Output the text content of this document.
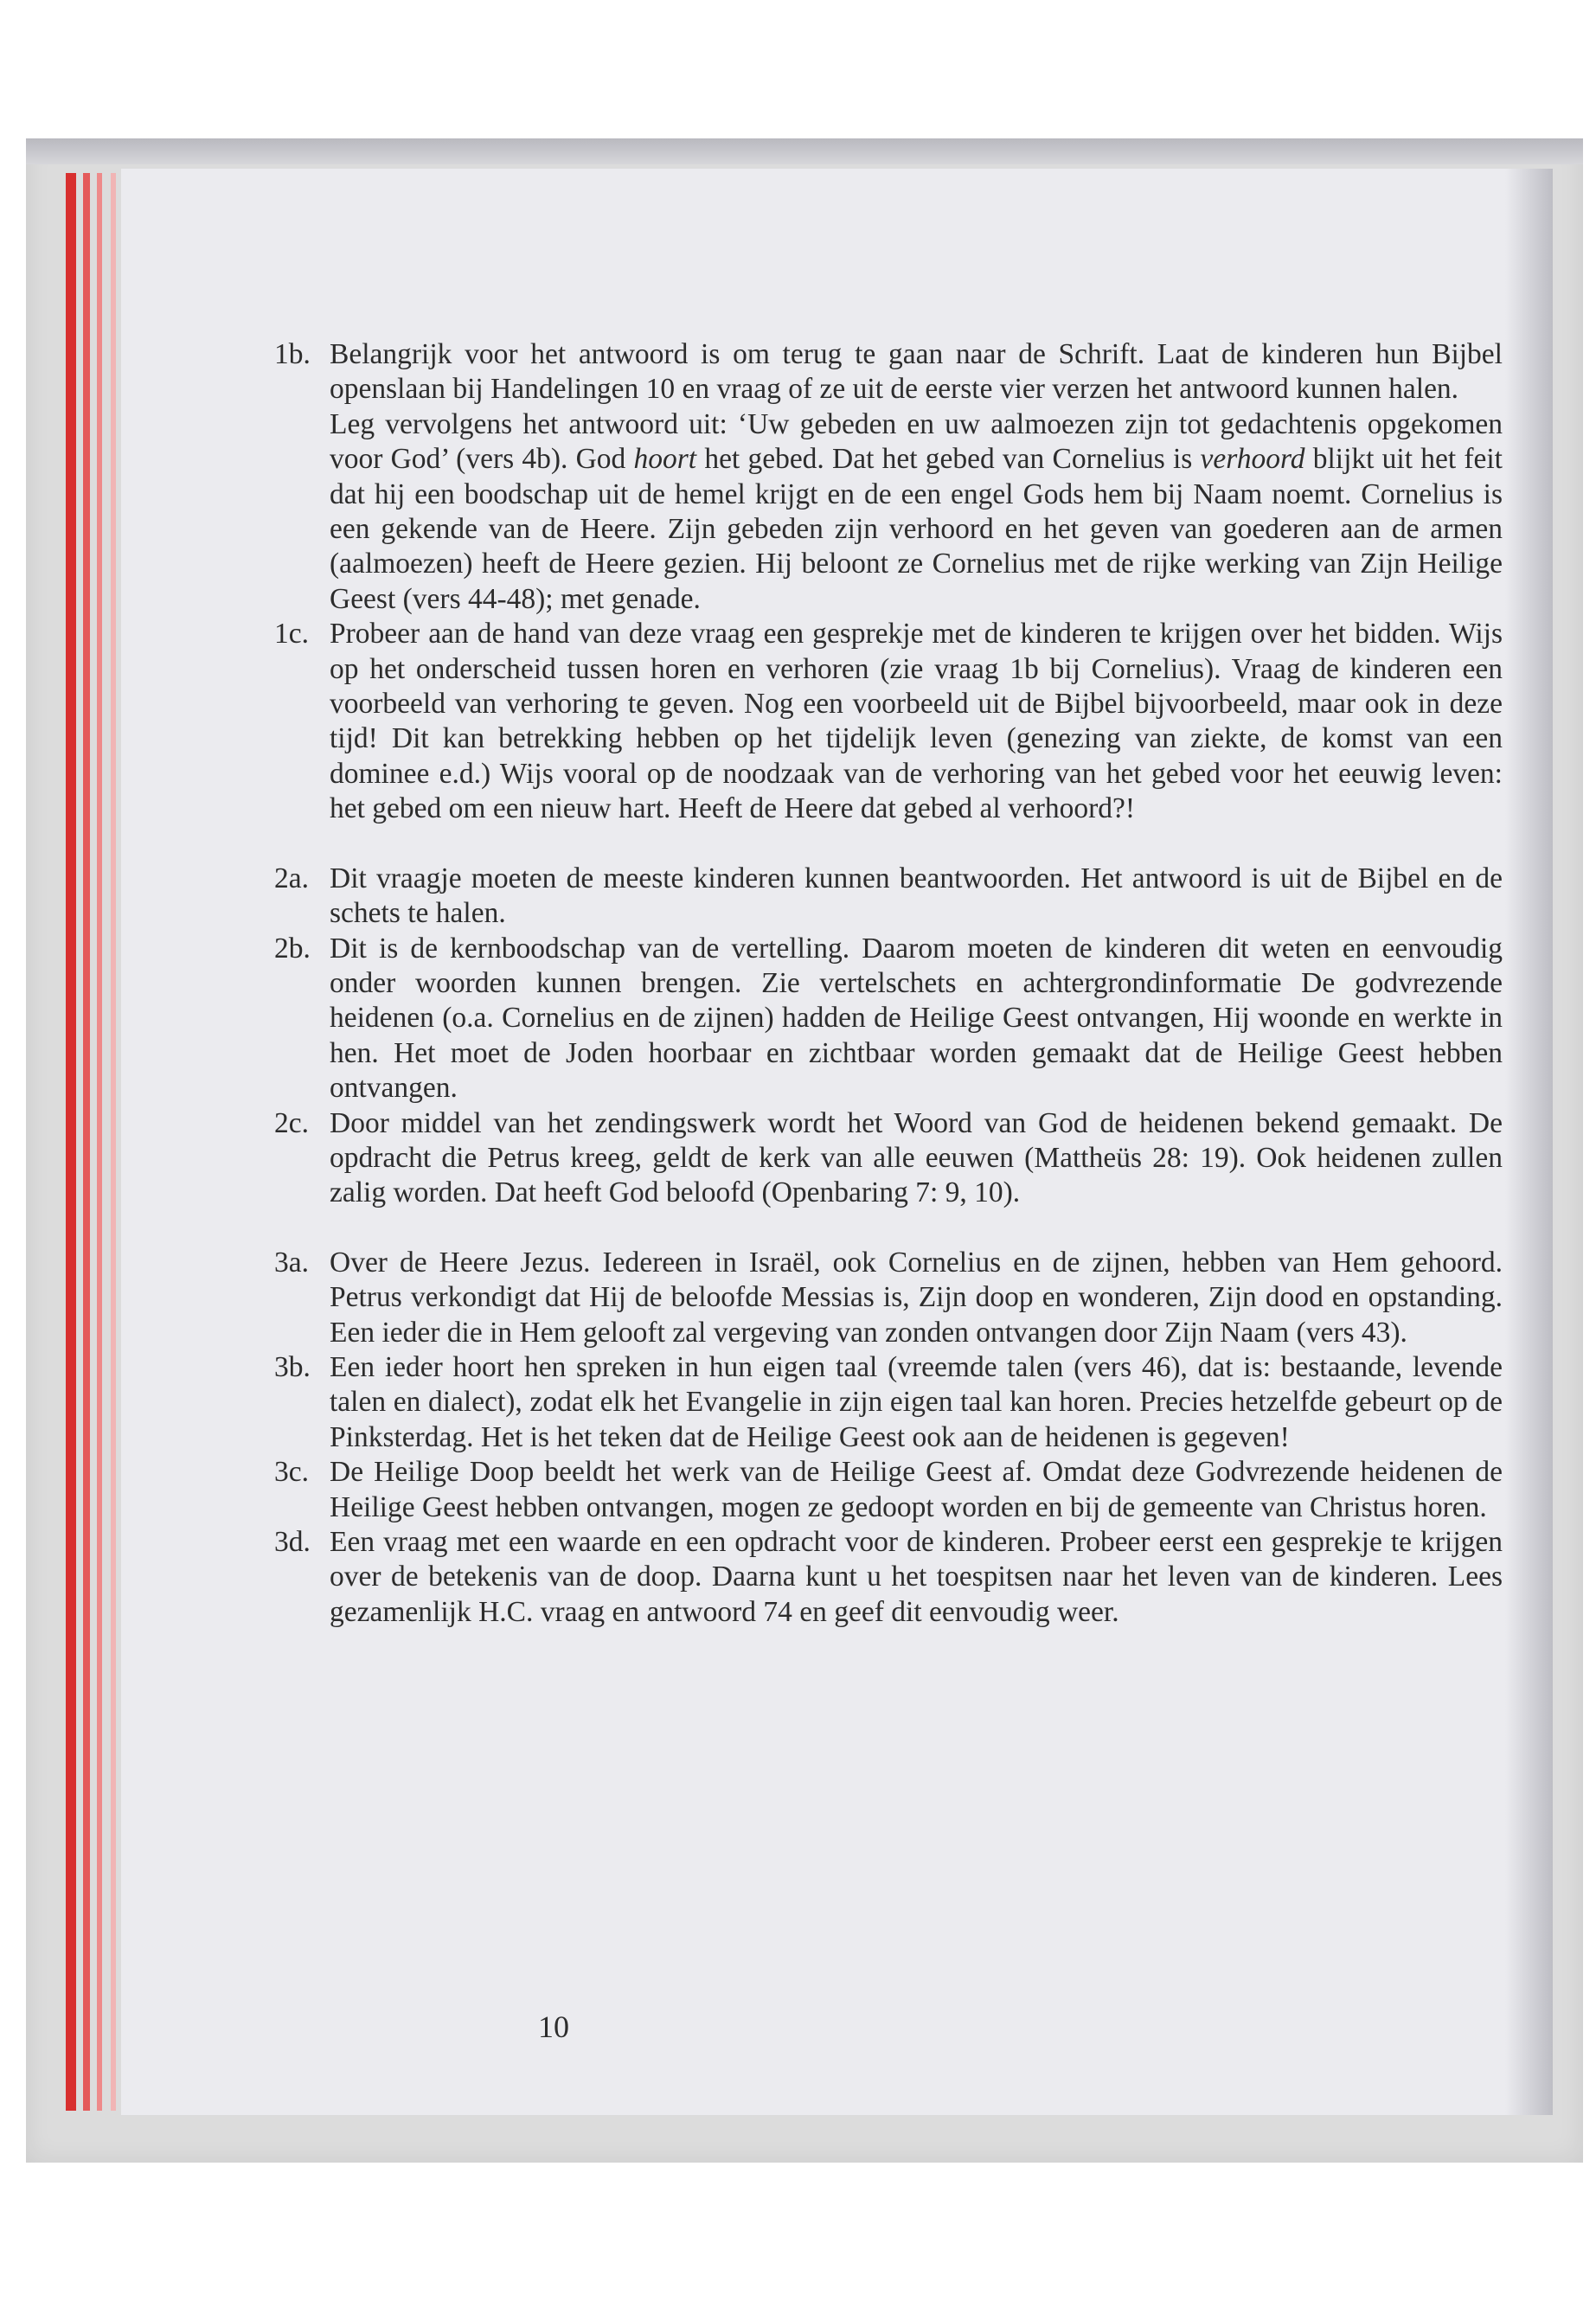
1b. Belangrijk voor het antwoord is om terug te gaan naar de Schrift. Laat de kinderen hun Bijbel openslaan bij Handelingen 10 en vraag of ze uit de eerste vier verzen het antwoord kunnen halen.

Leg vervolgens het antwoord uit: ‘Uw gebeden en uw aalmoezen zijn tot gedachtenis opgekomen voor God’ (vers 4b). God hoort het gebed. Dat het gebed van Cornelius is verhoord blijkt uit het feit dat hij een boodschap uit de hemel krijgt en de een engel Gods hem bij Naam noemt. Cornelius is een gekende van de Heere. Zijn gebeden zijn verhoord en het geven van goederen aan de armen (aalmoezen) heeft de Heere gezien. Hij beloont ze Cornelius met de rijke werking van Zijn Heilige Geest (vers 44-48); met genade.

1c. Probeer aan de hand van deze vraag een gesprekje met de kinderen te krijgen over het bidden. Wijs op het onderscheid tussen horen en verhoren (zie vraag 1b bij Cornelius). Vraag de kinderen een voorbeeld van verhoring te geven. Nog een voorbeeld uit de Bijbel bijvoorbeeld, maar ook in deze tijd! Dit kan betrekking hebben op het tijdelijk leven (genezing van ziekte, de komst van een dominee e.d.) Wijs vooral op de noodzaak van de verhoring van het gebed voor het eeuwig leven: het gebed om een nieuw hart. Heeft de Heere dat gebed al verhoord?!

2a. Dit vraagje moeten de meeste kinderen kunnen beantwoorden. Het antwoord is uit de Bijbel en de schets te halen.

2b. Dit is de kernboodschap van de vertelling. Daarom moeten de kinderen dit weten en eenvoudig onder woorden kunnen brengen. Zie vertelschets en achtergrondinformatie De godvrezende heidenen (o.a. Cornelius en de zijnen) hadden de Heilige Geest ontvangen, Hij woonde en werkte in hen. Het moet de Joden hoorbaar en zichtbaar worden gemaakt dat de Heilige Geest hebben ontvangen.

2c. Door middel van het zendingswerk wordt het Woord van God de heidenen bekend gemaakt. De opdracht die Petrus kreeg, geldt de kerk van alle eeuwen (Mattheüs 28: 19). Ook heidenen zullen zalig worden. Dat heeft God beloofd (Openbaring 7: 9, 10).

3a. Over de Heere Jezus. Iedereen in Israël, ook Cornelius en de zijnen, hebben van Hem gehoord. Petrus verkondigt dat Hij de beloofde Messias is, Zijn doop en wonderen, Zijn dood en opstanding. Een ieder die in Hem gelooft zal vergeving van zonden ontvangen door Zijn Naam (vers 43).

3b. Een ieder hoort hen spreken in hun eigen taal (vreemde talen (vers 46), dat is: bestaande, levende talen en dialect), zodat elk het Evangelie in zijn eigen taal kan horen. Precies hetzelfde gebeurt op de Pinksterdag. Het is het teken dat de Heilige Geest ook aan de heidenen is gegeven!

3c. De Heilige Doop beeldt het werk van de Heilige Geest af. Omdat deze Godvrezende heidenen de Heilige Geest hebben ontvangen, mogen ze gedoopt worden en bij de gemeente van Christus horen.

3d. Een vraag met een waarde en een opdracht voor de kinderen. Probeer eerst een gesprekje te krijgen over de betekenis van de doop. Daarna kunt u het toespitsen naar het leven van de kinderen. Lees gezamenlijk H.C. vraag en antwoord 74 en geef dit eenvoudig weer.

10
